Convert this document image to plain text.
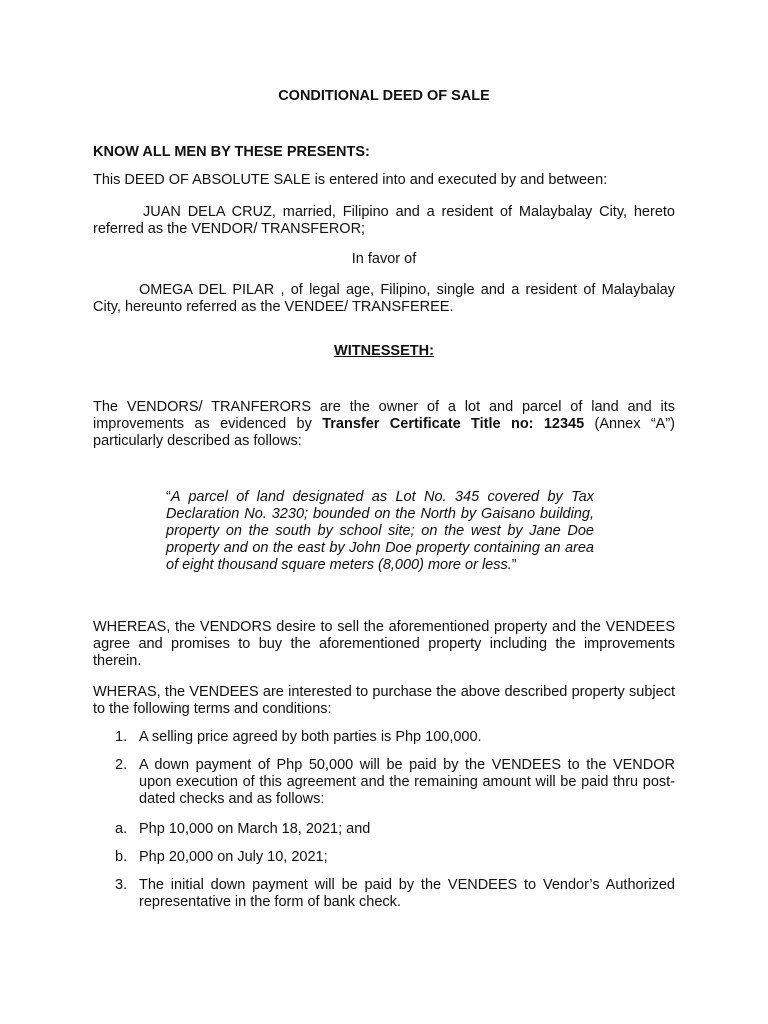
CONDITIONAL DEED OF SALE
KNOW ALL MEN BY THESE PRESENTS:
This DEED OF ABSOLUTE SALE is entered into and executed by and between:
JUAN DELA CRUZ, married, Filipino and a resident of Malaybalay City, hereto referred as the VENDOR/ TRANSFEROR;
In favor of
OMEGA DEL PILAR , of legal age, Filipino, single and a resident of Malaybalay City, hereunto referred as the VENDEE/ TRANSFEREE.
WITNESSETH:
The VENDORS/ TRANFERORS are the owner of a lot and parcel of land and its improvements as evidenced by Transfer Certificate Title no: 12345 (Annex “A”) particularly described as follows:
“A parcel of land designated as Lot No. 345 covered by Tax Declaration No. 3230; bounded on the North by Gaisano building, property on the south by school site; on the west by Jane Doe property and on the east by John Doe property containing an area of eight thousand square meters (8,000) more or less.”
WHEREAS, the VENDORS desire to sell the aforementioned property and the VENDEES agree and promises to buy the aforementioned property including the improvements therein.
WHERAS, the VENDEES are interested to purchase the above described property subject to the following terms and conditions:
1. A selling price agreed by both parties is Php 100,000.
2. A down payment of Php 50,000 will be paid by the VENDEES to the VENDOR upon execution of this agreement and the remaining amount will be paid thru post-dated checks and as follows:
a. Php 10,000 on March 18, 2021; and
b. Php 20,000 on July 10, 2021;
3. The initial down payment will be paid by the VENDEES to Vendor’s Authorized representative in the form of bank check.
